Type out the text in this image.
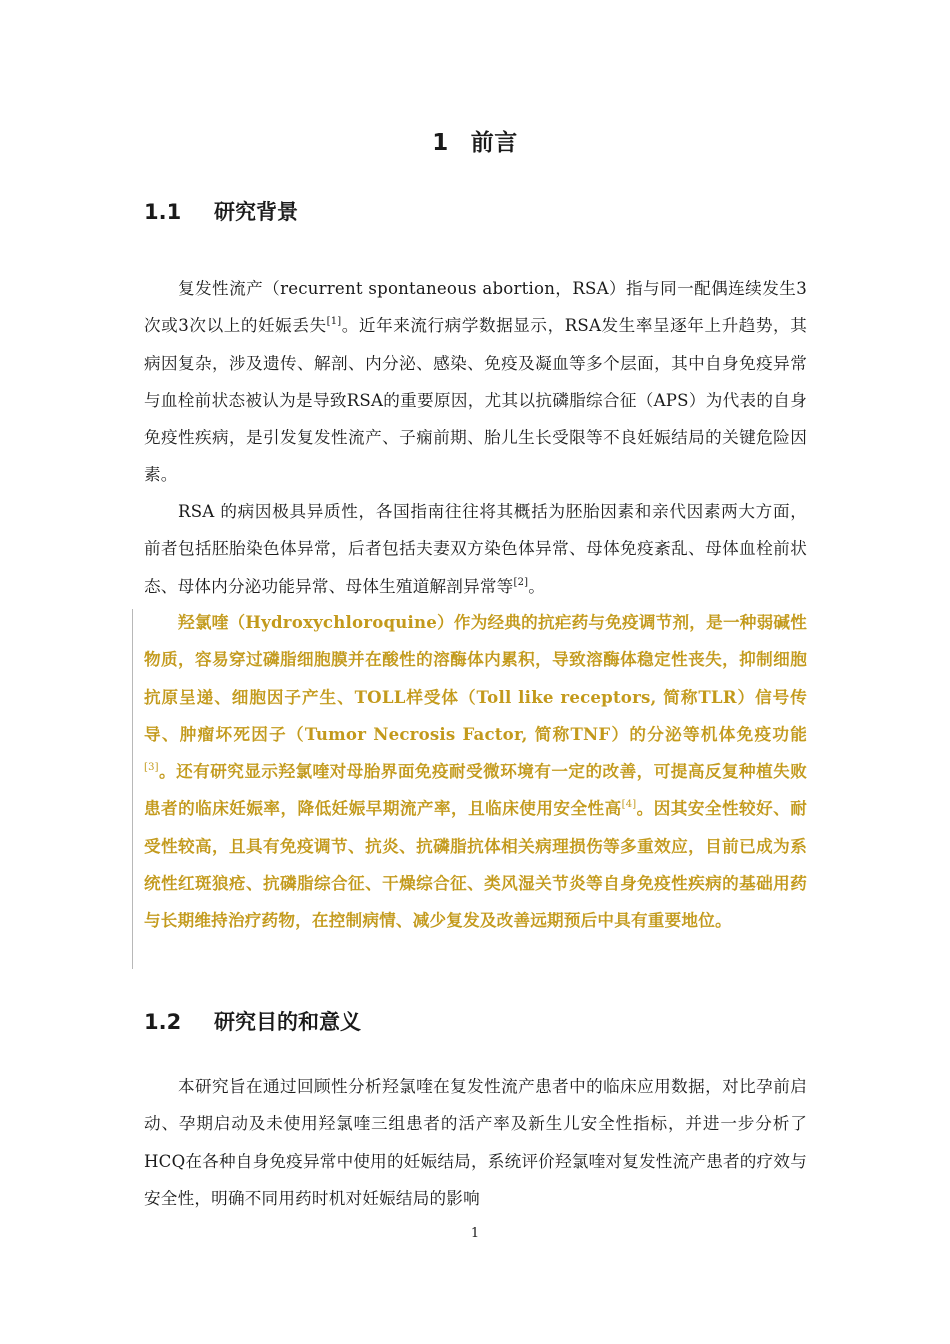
1 前言
1.1 研究背景

复发性流产（recurrent spontaneous abortion，RSA）指与同一配偶连续发生3次或3次以上的妊娠丢失[1]。近年来流行病学数据显示，RSA发生率呈逐年上升趋势，其病因复杂，涉及遗传、解剖、内分泌、感染、免疫及凝血等多个层面，其中自身免疫异常与血栓前状态被认为是导致RSA的重要原因，尤其以抗磷脂综合征（APS）为代表的自身免疫性疾病，是引发复发性流产、子痫前期、胎儿生长受限等不良妊娠结局的关键危险因素。

RSA 的病因极具异质性，各国指南往往将其概括为胚胎因素和亲代因素两大方面，前者包括胚胎染色体异常，后者包括夫妻双方染色体异常、母体免疫紊乱、母体血栓前状态、母体内分泌功能异常、母体生殖道解剖异常等[2]。

羟氯喹（Hydroxychloroquine）作为经典的抗疟药与免疫调节剂，是一种弱碱性物质，容易穿过磷脂细胞膜并在酸性的溶酶体内累积，导致溶酶体稳定性丧失，抑制细胞抗原呈递、细胞因子产生、TOLL样受体（Toll like receptors, 简称TLR）信号传导、肿瘤坏死因子（Tumor Necrosis Factor, 简称TNF）的分泌等机体免疫功能[3]。还有研究显示羟氯喹对母胎界面免疫耐受微环境有一定的改善，可提高反复种植失败患者的临床妊娠率，降低妊娠早期流产率，且临床使用安全性高[4]。因其安全性较好、耐受性较高，且具有免疫调节、抗炎、抗磷脂抗体相关病理损伤等多重效应，目前已成为系统性红斑狼疮、抗磷脂综合征、干燥综合征、类风湿关节炎等自身免疫性疾病的基础用药与长期维持治疗药物，在控制病情、减少复发及改善远期预后中具有重要地位。

1.2 研究目的和意义

本研究旨在通过回顾性分析羟氯喹在复发性流产患者中的临床应用数据，对比孕前启动、孕期启动及未使用羟氯喹三组患者的活产率及新生儿安全性指标，并进一步分析了HCQ在各种自身免疫异常中使用的妊娠结局，系统评价羟氯喹对复发性流产患者的疗效与安全性，明确不同用药时机对妊娠结局的影响

1
